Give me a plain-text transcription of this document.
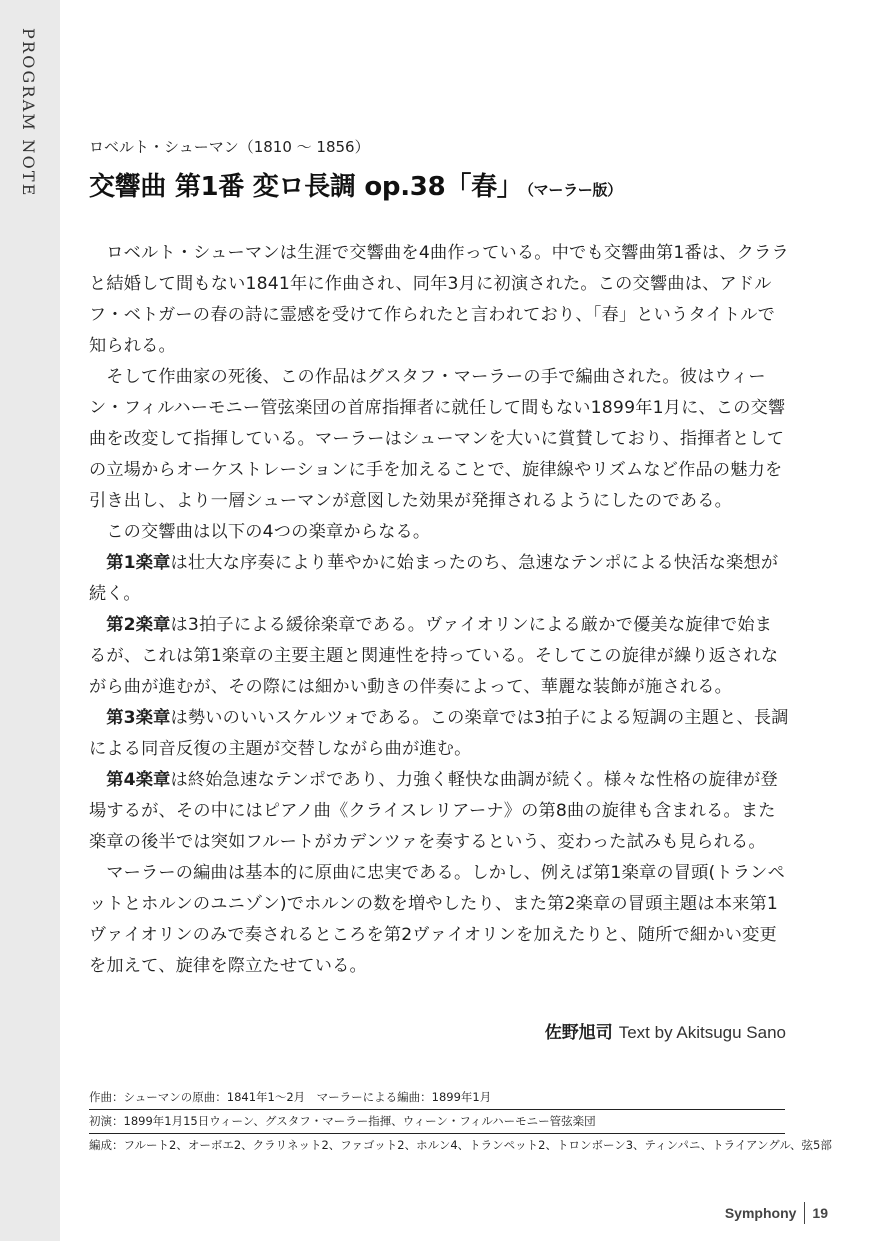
PROGRAM NOTE	ロベルト・シューマン（1810 〜 1856）
交響曲 第1番 変ロ長調 op.38「春」 （マーラー版）

ロベルト・シューマンは生涯で交響曲を4曲作っている。中でも交響曲第1番は、クララと結婚して間もない1841年に作曲され、同年3月に初演された。この交響曲は、アドルフ・ベトガーの春の詩に霊感を受けて作られたと言われており、「春」というタイトルで知られる。

そして作曲家の死後、この作品はグスタフ・マーラーの手で編曲された。彼はウィーン・フィルハーモニー管弦楽団の首席指揮者に就任して間もない1899年1月に、この交響曲を改変して指揮している。マーラーはシューマンを大いに賞賛しており、指揮者としての立場からオーケストレーションに手を加えることで、旋律線やリズムなど作品の魅力を引き出し、より一層シューマンが意図した効果が発揮されるようにしたのである。

この交響曲は以下の4つの楽章からなる。

第1楽章は壮大な序奏により華やかに始まったのち、急速なテンポによる快活な楽想が続く。

第2楽章は3拍子による緩徐楽章である。ヴァイオリンによる厳かで優美な旋律で始まるが、これは第1楽章の主要主題と関連性を持っている。そしてこの旋律が繰り返されながら曲が進むが、その際には細かい動きの伴奏によって、華麗な装飾が施される。

第3楽章は勢いのいいスケルツォである。この楽章では3拍子による短調の主題と、長調による同音反復の主題が交替しながら曲が進む。

第4楽章は終始急速なテンポであり、力強く軽快な曲調が続く。様々な性格の旋律が登場するが、その中にはピアノ曲《クライスレリアーナ》の第8曲の旋律も含まれる。また楽章の後半では突如フルートがカデンツァを奏するという、変わった試みも見られる。

マーラーの編曲は基本的に原曲に忠実である。しかし、例えば第1楽章の冒頭(トランペットとホルンのユニゾン)でホルンの数を増やしたり、また第2楽章の冒頭主題は本来第1ヴァイオリンのみで奏されるところを第2ヴァイオリンを加えたりと、随所で細かい変更を加えて、旋律を際立たせている。

佐野旭司 Text by Akitsugu Sano
作曲：シューマンの原曲：1841年1〜2月　マーラーによる編曲：1899年1月
初演：1899年1月15日ウィーン、グスタフ・マーラー指揮、ウィーン・フィルハーモニー管弦楽団
編成：フルート2、オーボエ2、クラリネット2、ファゴット2、ホルン4、トランペット2、トロンボーン3、ティンパニ、トライアングル、弦5部
Symphony 19
